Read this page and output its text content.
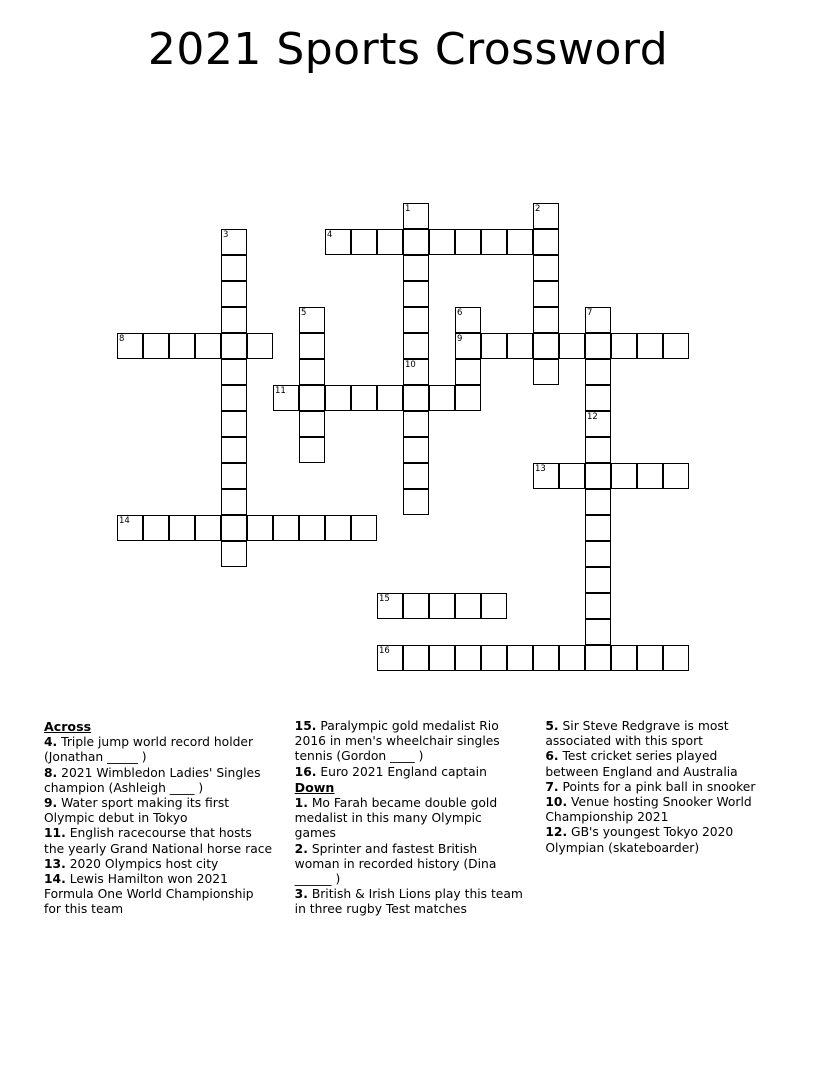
2021 Sports Crossword
1	2
3	4
5	6	7
8	9
10
11
12
13
14
15
16
Across
4. Triple jump world record holder (Jonathan _____ )
8. 2021 Wimbledon Ladies' Singles champion (Ashleigh ____ )
9. Water sport making its first Olympic debut in Tokyo
11. English racecourse that hosts the yearly Grand National horse race
13. 2020 Olympics host city
14. Lewis Hamilton won 2021 Formula One World Championship for this team
15. Paralympic gold medalist Rio 2016 in men's wheelchair singles tennis (Gordon ____ )
16. Euro 2021 England captain
Down
1. Mo Farah became double gold medalist in this many Olympic games
2. Sprinter and fastest British woman in recorded history (Dina ______ )
3. British & Irish Lions play this team in three rugby Test matches
5. Sir Steve Redgrave is most associated with this sport
6. Test cricket series played between England and Australia
7. Points for a pink ball in snooker
10. Venue hosting Snooker World Championship 2021
12. GB's youngest Tokyo 2020 Olympian (skateboarder)
